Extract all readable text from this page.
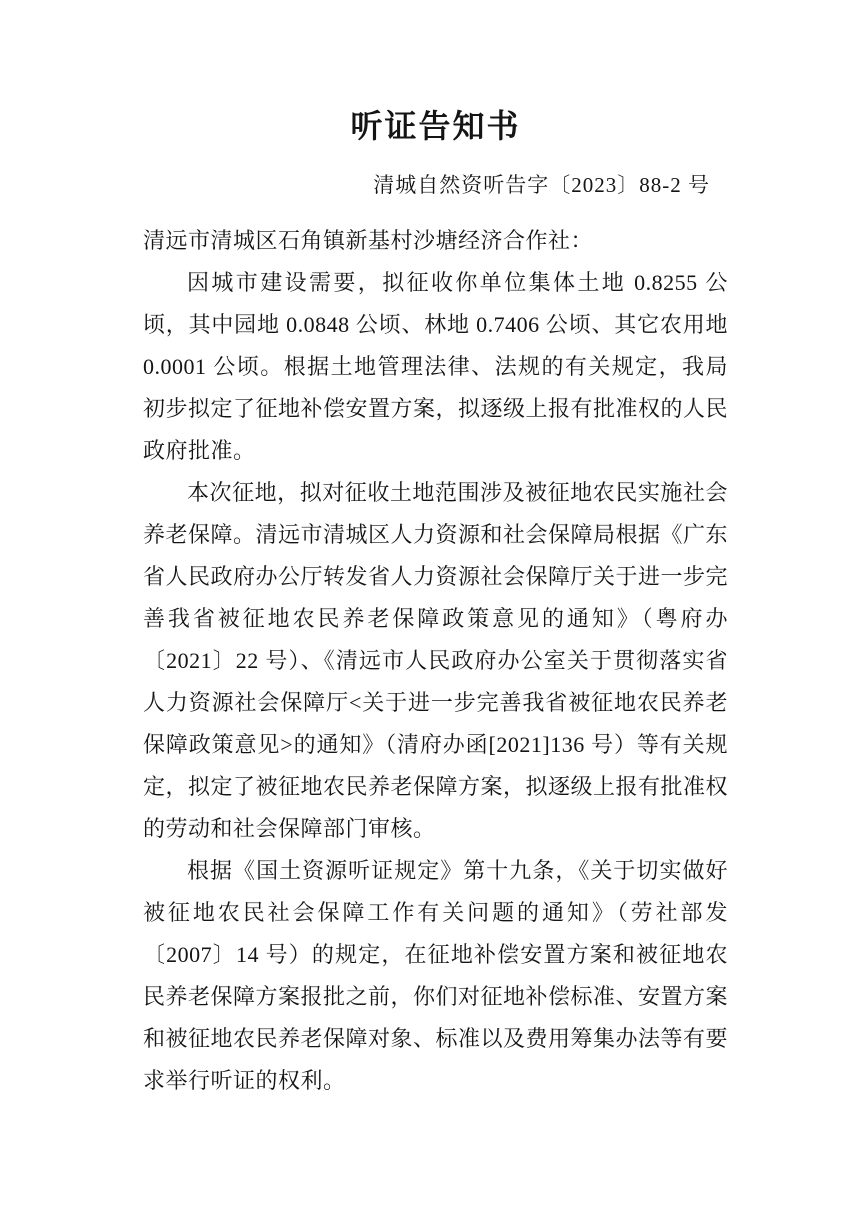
听证告知书
清城自然资听告字〔2023〕88-2 号

清远市清城区石角镇新基村沙塘经济合作社：

因城市建设需要，拟征收你单位集体土地 0.8255 公顷，其中园地 0.0848 公顷、林地 0.7406 公顷、其它农用地 0.0001 公顷。根据土地管理法律、法规的有关规定，我局初步拟定了征地补偿安置方案，拟逐级上报有批准权的人民政府批准。

本次征地，拟对征收土地范围涉及被征地农民实施社会养老保障。清远市清城区人力资源和社会保障局根据《广东省人民政府办公厅转发省人力资源社会保障厅关于进一步完善我省被征地农民养老保障政策意见的通知》（粤府办〔2021〕22 号）、《清远市人民政府办公室关于贯彻落实省人力资源社会保障厅<关于进一步完善我省被征地农民养老保障政策意见>的通知》（清府办函[2021]136 号）等有关规定，拟定了被征地农民养老保障方案，拟逐级上报有批准权的劳动和社会保障部门审核。

根据《国土资源听证规定》第十九条，《关于切实做好被征地农民社会保障工作有关问题的通知》（劳社部发〔2007〕14 号）的规定，在征地补偿安置方案和被征地农民养老保障方案报批之前，你们对征地补偿标准、安置方案和被征地农民养老保障对象、标准以及费用筹集办法等有要求举行听证的权利。
